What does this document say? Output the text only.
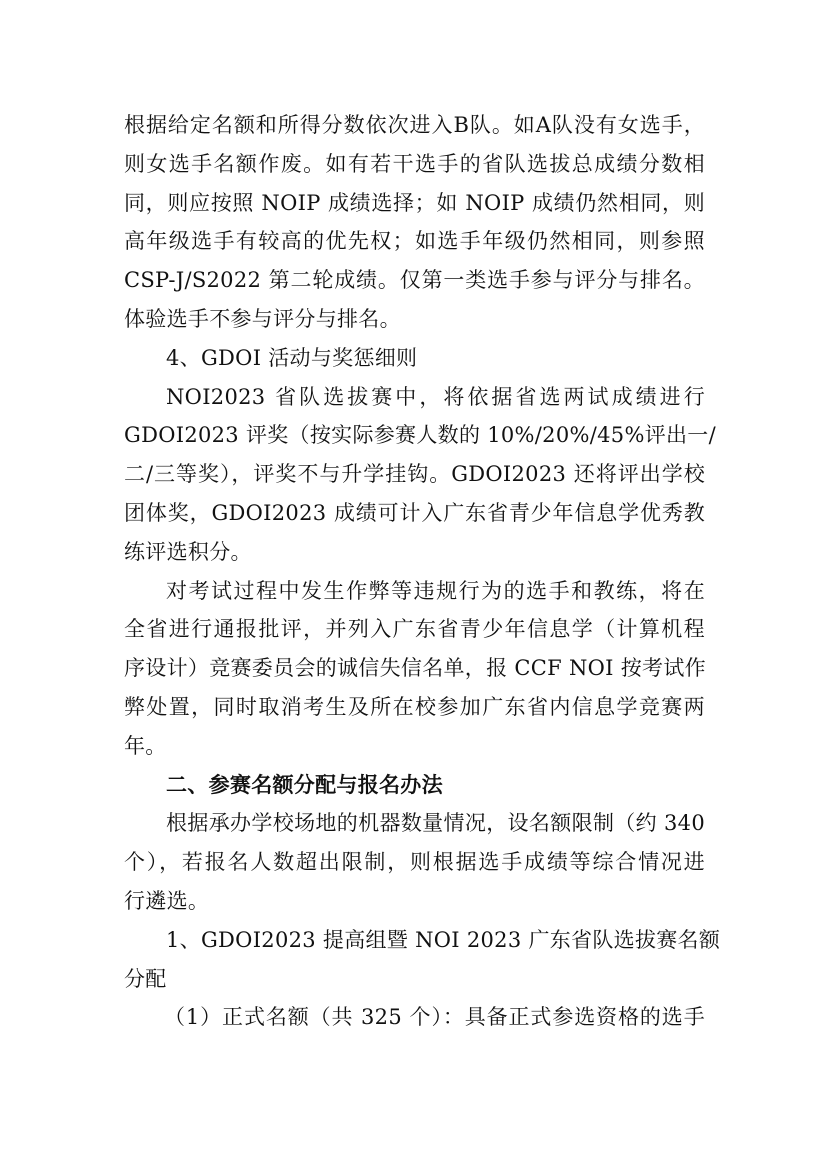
根据给定名额和所得分数依次进入B队。如A队没有女选手，
则女选手名额作废。如有若干选手的省队选拔总成绩分数相
同，则应按照 NOIP 成绩选择；如 NOIP 成绩仍然相同，则
高年级选手有较高的优先权；如选手年级仍然相同，则参照
CSP-J/S2022 第二轮成绩。仅第一类选手参与评分与排名。
体验选手不参与评分与排名。
4、GDOI 活动与奖惩细则
NOI2023 省队选拔赛中，将依据省选两试成绩进行
GDOI2023 评奖（按实际参赛人数的 10%/20%/45%评出一/
二/三等奖），评奖不与升学挂钩。GDOI2023 还将评出学校
团体奖，GDOI2023 成绩可计入广东省青少年信息学优秀教
练评选积分。
对考试过程中发生作弊等违规行为的选手和教练，将在
全省进行通报批评，并列入广东省青少年信息学（计算机程
序设计）竞赛委员会的诚信失信名单，报 CCF NOI 按考试作
弊处置，同时取消考生及所在校参加广东省内信息学竞赛两
年。
二、参赛名额分配与报名办法
根据承办学校场地的机器数量情况，设名额限制（约 340
个），若报名人数超出限制，则根据选手成绩等综合情况进
行遴选。
1、GDOI2023 提高组暨 NOI 2023 广东省队选拔赛名额
分配
（1）正式名额（共 325 个）：具备正式参选资格的选手
